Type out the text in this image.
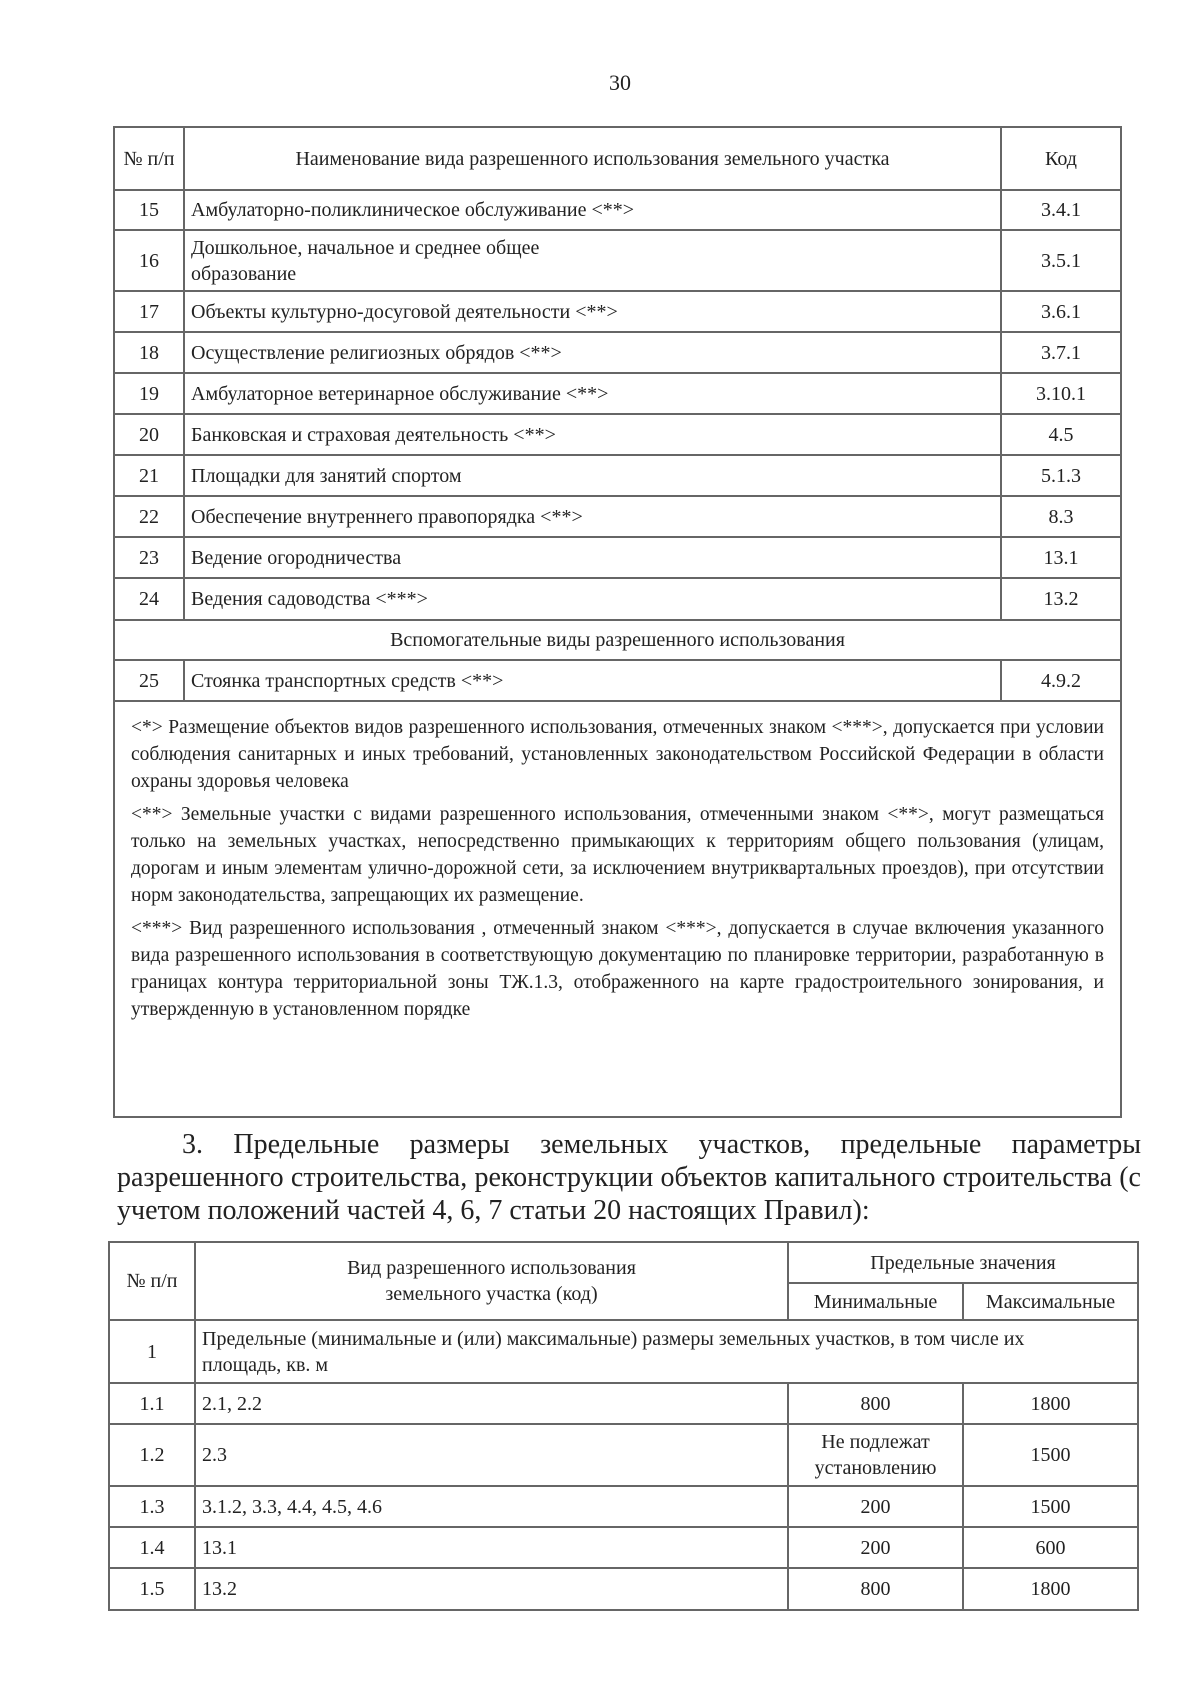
30
№ п/п	Наименование вида разрешенного использования земельного участка	Код
15	Амбулаторно-поликлиническое обслуживание <**>	3.4.1
16	Дошкольное, начальное и среднее общее образование	3.5.1
17	Объекты культурно-досуговой деятельности <**>	3.6.1
18	Осуществление религиозных обрядов <**>	3.7.1
19	Амбулаторное ветеринарное обслуживание <**>	3.10.1
20	Банковская и страховая деятельность <**>	4.5
21	Площадки для занятий спортом	5.1.3
22	Обеспечение внутреннего правопорядка <**>	8.3
23	Ведение огородничества	13.1
24	Ведения садоводства <***>	13.2
Вспомогательные виды разрешенного использования		
25	Стоянка транспортных средств <**>	4.9.2

<*> Размещение объектов видов разрешенного использования, отмеченных знаком <***>, допускается при условии соблюдения санитарных и иных требований, установленных законодательством Российской Федерации в области охраны здоровья человека

<**> Земельные участки с видами разрешенного использования, отмеченными знаком <**>, могут размещаться только на земельных участках, непосредственно примыкающих к территориям общего пользования (улицам, дорогам и иным элементам улично-дорожной сети, за исключением внутриквартальных проездов), при отсутствии норм законодательства, запрещающих их размещение.

<***> Вид разрешенного использования , отмеченный знаком <***>, допускается в случае включения указанного вида разрешенного использования в соответствующую документацию по планировке территории, разработанную в границах контура территориальной зоны ТЖ.1.3, отображенного на карте градостроительного зонирования, и утвержденную в установленном порядке		

3. Предельные размеры земельных участков, предельные параметры разрешенного строительства, реконструкции объектов капитального строительства (с учетом положений частей 4, 6, 7 статьи 20 настоящих Правил):
№ п/п	Вид разрешенного использования земельного участка (код)	Предельные значения	
		Минимальные	Максимальные
1	Предельные (минимальные и (или) максимальные) размеры земельных участков, в том числе их площадь, кв. м		
1.1	2.1, 2.2	800	1800
1.2	2.3	Не подлежат установлению	1500
1.3	3.1.2, 3.3, 4.4, 4.5, 4.6	200	1500
1.4	13.1	200	600
1.5	13.2	800	1800
